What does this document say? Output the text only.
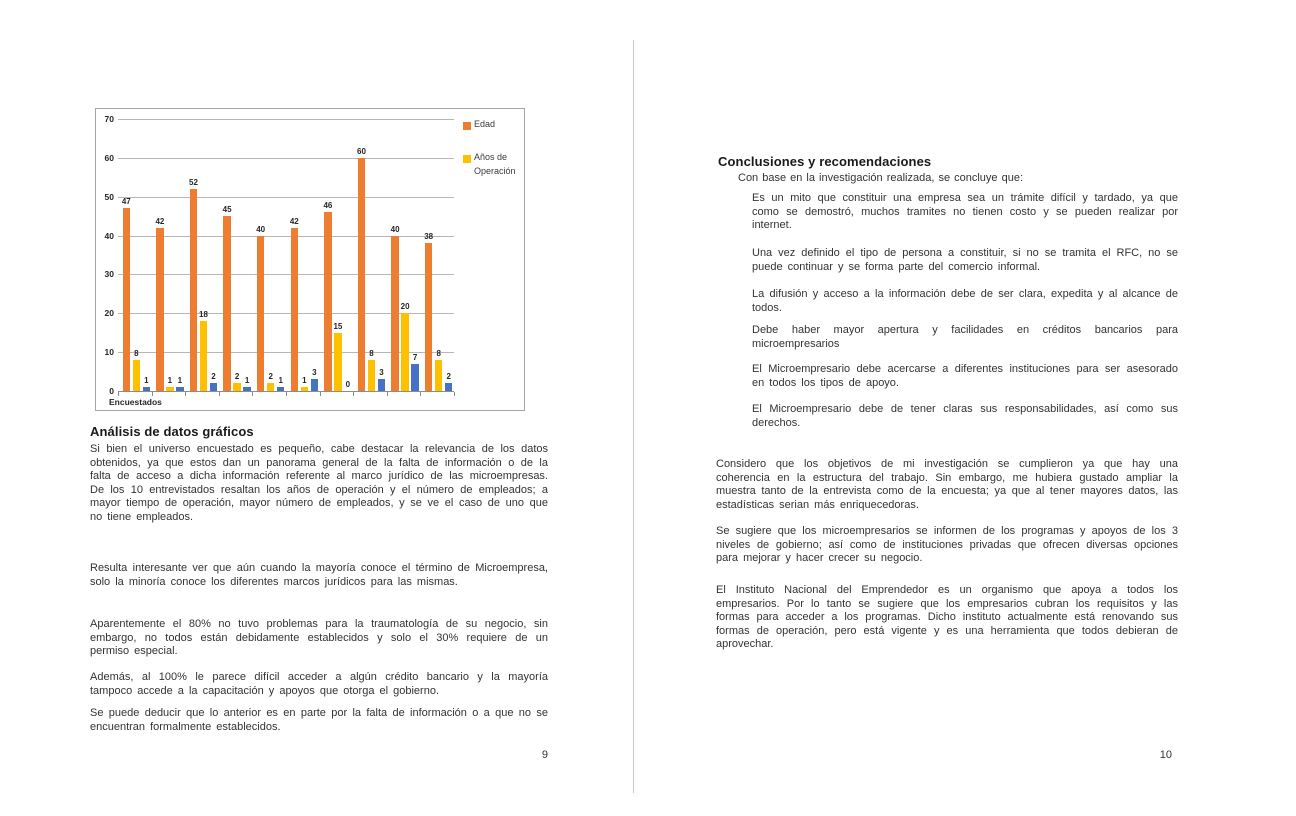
0
10
20
30
40
50
60
70
47
42
52
45
40
42
46
60
40
38
8
1
18
2	2	1
15
8
20
8
1	1	2	1	1
3
0
3
7
2
Edad
Años de Operación
Encuestados
Análisis de datos gráficos

Si bien el universo encuestado es pequeño, cabe destacar la relevancia de los datos obtenidos, ya que estos dan un panorama general de la falta de información o de la falta de acceso a dicha información referente al marco jurídico de las microempresas. De los 10 entrevistados resaltan los años de operación y el número de empleados; a mayor tiempo de operación, mayor número de empleados, y se ve el caso de uno que no tiene empleados.

Resulta interesante ver que aún cuando la mayoría conoce el término de Microempresa, solo la minoría conoce los diferentes marcos jurídicos para las mismas.

Aparentemente el 80% no tuvo problemas para la traumatología de su negocio, sin embargo, no todos están debidamente establecidos y solo el 30% requiere de un permiso especial.

Además, al 100% le parece difícil acceder a algún crédito bancario y la mayoría tampoco accede a la capacitación y apoyos que otorga el gobierno.

Se puede deducir que lo anterior es en parte por la falta de información o a que no se encuentran formalmente establecidos.

9
Conclusiones y recomendaciones

Con base en la investigación realizada, se concluye que:

Es un mito que constituir una empresa sea un trámite difícil y tardado, ya que como se demostró, muchos tramites no tienen costo y se pueden realizar por internet.

Una vez definido el tipo de persona a constituir, si no se tramita el RFC, no se puede continuar y se forma parte del comercio informal.

La difusión y acceso a la información debe de ser clara, expedita y al alcance de todos.

Debe haber mayor apertura y facilidades en créditos bancarios para microempresarios

El Microempresario debe acercarse a diferentes instituciones para ser asesorado en todos los tipos de apoyo.

El Microempresario debe de tener claras sus responsabilidades, así como sus derechos.

Considero que los objetivos de mi investigación se cumplieron ya que hay una coherencia en la estructura del trabajo. Sin embargo, me hubiera gustado ampliar la muestra tanto de la entrevista como de la encuesta; ya que al tener mayores datos, las estadísticas serian más enriquecedoras.

Se sugiere que los microempresarios se informen de los programas y apoyos de los 3 niveles de gobierno; así como de instituciones privadas que ofrecen diversas opciones para mejorar y hacer crecer su negocio.

El Instituto Nacional del Emprendedor es un organismo que apoya a todos los empresarios. Por lo tanto se sugiere que los empresarios cubran los requisitos y las formas para acceder a los programas. Dicho instituto actualmente está renovando sus formas de operación, pero está vigente y es una herramienta que todos debieran de aprovechar.

10
